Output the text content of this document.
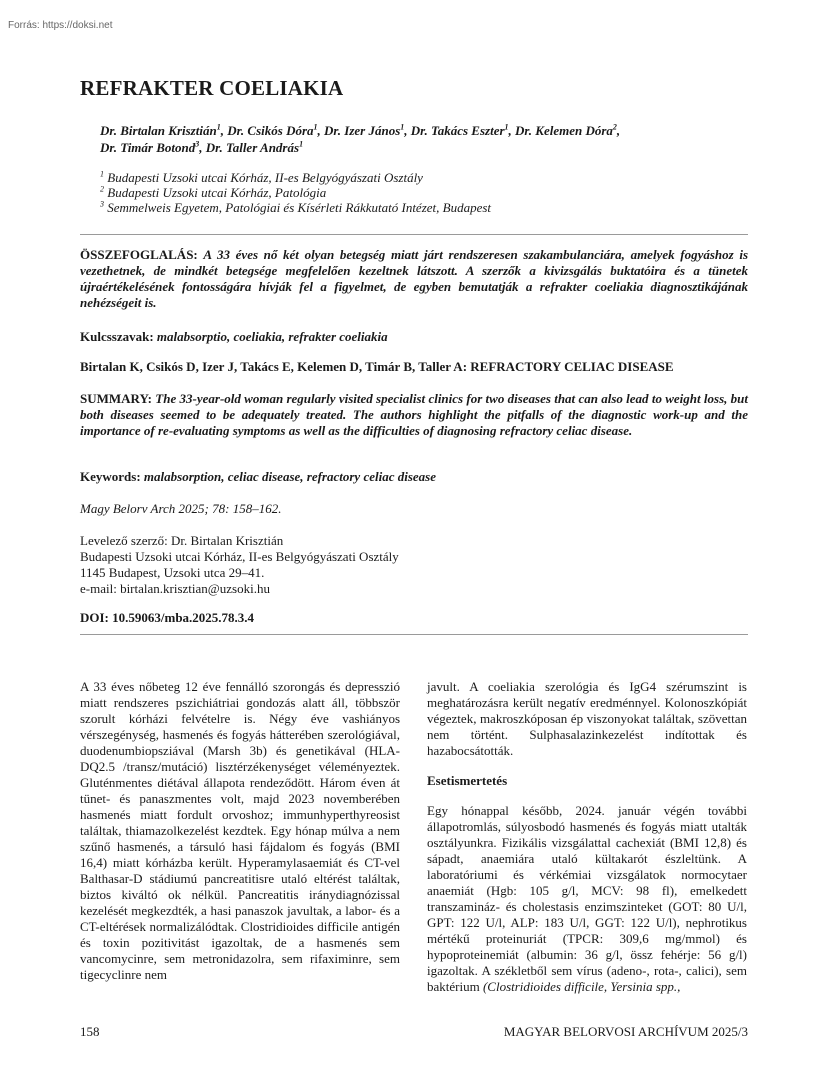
Forrás: https://doksi.net
REFRAKTER COELIAKIA
Dr. Birtalan Krisztián$^1$, Dr. Csikós Dóra$^1$, Dr. Izer János$^1$, Dr. Takács Eszter$^1$, Dr. Kelemen Dóra$^2$,
Dr. Timár Botond$^3$, Dr. Taller András$^1$
$^1$ Budapesti Uzsoki utcai Kórház, II-es Belgyógyászati Osztály
$^2$ Budapesti Uzsoki utcai Kórház, Patológia
$^3$ Semmelweis Egyetem, Patológiai és Kísérleti Rákkutató Intézet, Budapest
ÖSSZEFOGLALÁS: A 33 éves nő két olyan betegség miatt járt rendszeresen szakambulanciára, amelyek fogyáshoz is vezethetnek, de mindkét betegsége megfelelően kezeltnek látszott. A szerzők a kivizsgálás buktatóira és a tünetek újraértékelésének fontosságára hívják fel a figyelmet, de egyben bemutatják a refrakter coeliakia diagnosztikájának nehézségeit is.
Kulcsszavak: malabsorptio, coeliakia, refrakter coeliakia
Birtalan K, Csikós D, Izer J, Takács E, Kelemen D, Timár B, Taller A: REFRACTORY CELIAC DISEASE
SUMMARY: The 33-year-old woman regularly visited specialist clinics for two diseases that can also lead to weight loss, but both diseases seemed to be adequately treated. The authors highlight the pitfalls of the diagnostic work-up and the importance of re-evaluating symptoms as well as the difficulties of diagnosing refractory celiac disease.
Keywords: malabsorption, celiac disease, refractory celiac disease
Magy Belorv Arch 2025; 78: 158–162.
Levelező szerző: Dr. Birtalan Krisztián
Budapesti Uzsoki utcai Kórház, II-es Belgyógyászati Osztály
1145 Budapest, Uzsoki utca 29–41.
e-mail: birtalan.krisztian@uzsoki.hu
DOI: 10.59063/mba.2025.78.3.4

A 33 éves nőbeteg 12 éve fennálló szorongás és depresszió miatt rendszeres pszichiátriai gondozás alatt áll, többször szorult kórházi felvételre is. Négy éve vashiányos vérszegénység, hasmenés és fogyás hátterében szerológiával, duodenumbiopsziával (Marsh 3b) és genetikával (HLA-DQ2.5 /transz/mutáció) lisztérzékenységet véleményeztek. Gluténmentes diétával állapota rendeződött. Három éven át tünet- és panaszmentes volt, majd 2023 novemberében hasmenés miatt fordult orvoshoz; immunhyperthyreosist találtak, thiamazolkezelést kezdtek. Egy hónap múlva a nem szűnő hasmenés, a társuló hasi fájdalom és fogyás (BMI 16,4) miatt kórházba került. Hyperamylasaemiát és CT-vel Balthasar-D stádiumú pancreatitisre utaló eltérést találtak, biztos kiváltó ok nélkül. Pancreatitis iránydiagnózissal kezelését megkezdték, a hasi panaszok javultak, a labor- és a CT-eltérések normalizálódtak. Clostridioides difficile antigén és toxin pozitivitást igazoltak, de a hasmenés sem vancomycinre, sem metronidazolra, sem rifaximinre, sem tigecyclinre nem

javult. A coeliakia szerológia és IgG4 szérumszint is meghatározásra került negatív eredménnyel. Kolonoszkópiát végeztek, makroszkóposan ép viszonyokat találtak, szövettan nem történt. Sulphasalazinkezelést indítottak és hazabocsátották.

Esetismertetés

Egy hónappal később, 2024. január végén további állapotromlás, súlyosbodó hasmenés és fogyás miatt utalták osztályunkra. Fizikális vizsgálattal cachexiát (BMI 12,8) és sápadt, anaemiára utaló kültakarót észleltünk. A laboratóriumi és vérkémiai vizsgálatok normocytaer anaemiát (Hgb: 105 g/l, MCV: 98 fl), emelkedett transzamináz- és cholestasis enzimszinteket (GOT: 80 U/l, GPT: 122 U/l, ALP: 183 U/l, GGT: 122 U/l), nephrotikus mértékű proteinuriát (TPCR: 309,6 mg/mmol) és hypoproteinemiát (albumin: 36 g/l, össz fehérje: 56 g/l) igazoltak. A székletből sem vírus (adeno-, rota-, calici), sem baktérium (Clostridioides difficile, Yersinia spp.,

158	MAGYAR BELORVOSI ARCHÍVUM 2025/3
